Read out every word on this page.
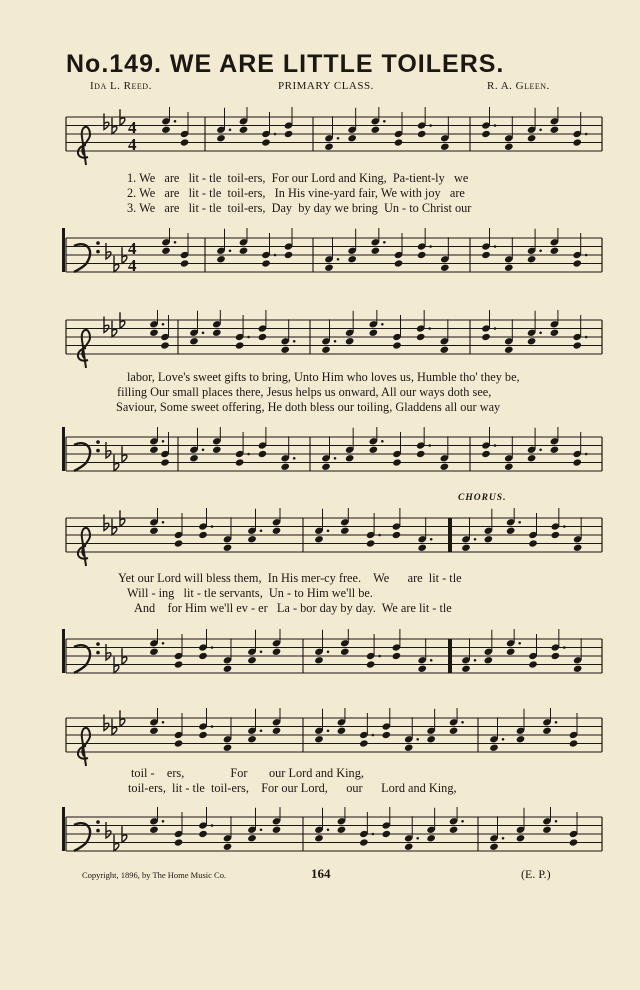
No.149. WE ARE LITTLE TOILERS.
Ida L. Reed.	PRIMARY CLASS.	R. A. Gleen.
4
4
1. We   are   lit - tle  toil-ers,  For our Lord and King,  Pa-tient-ly   we
2. We   are   lit - tle  toil-ers,   In His vine-yard fair, We with joy   are
3. We   are   lit - tle  toil-ers,  Day  by day we bring  Un - to Christ our
4
4
labor, Love's sweet gifts to bring, Unto Him who loves us, Humble tho' they be,
filling Our small places there, Jesus helps us onward, All our ways doth see,
Saviour, Some sweet offering, He doth bless our toiling, Gladdens all our way
CHORUS.
Yet our Lord will bless them,  In His mer-cy free.    We      are  lit - tle
Will - ing   lit - tle servants,  Un - to Him we'll be.
And    for Him we'll ev - er   La - bor day by day.  We are lit - tle
toil -    ers,               For       our Lord and King,
toil-ers,  lit - tle  toil-ers,    For our Lord,      our      Lord and King,
Copyright, 1896, by The Home Music Co.	164	(E. P.)
